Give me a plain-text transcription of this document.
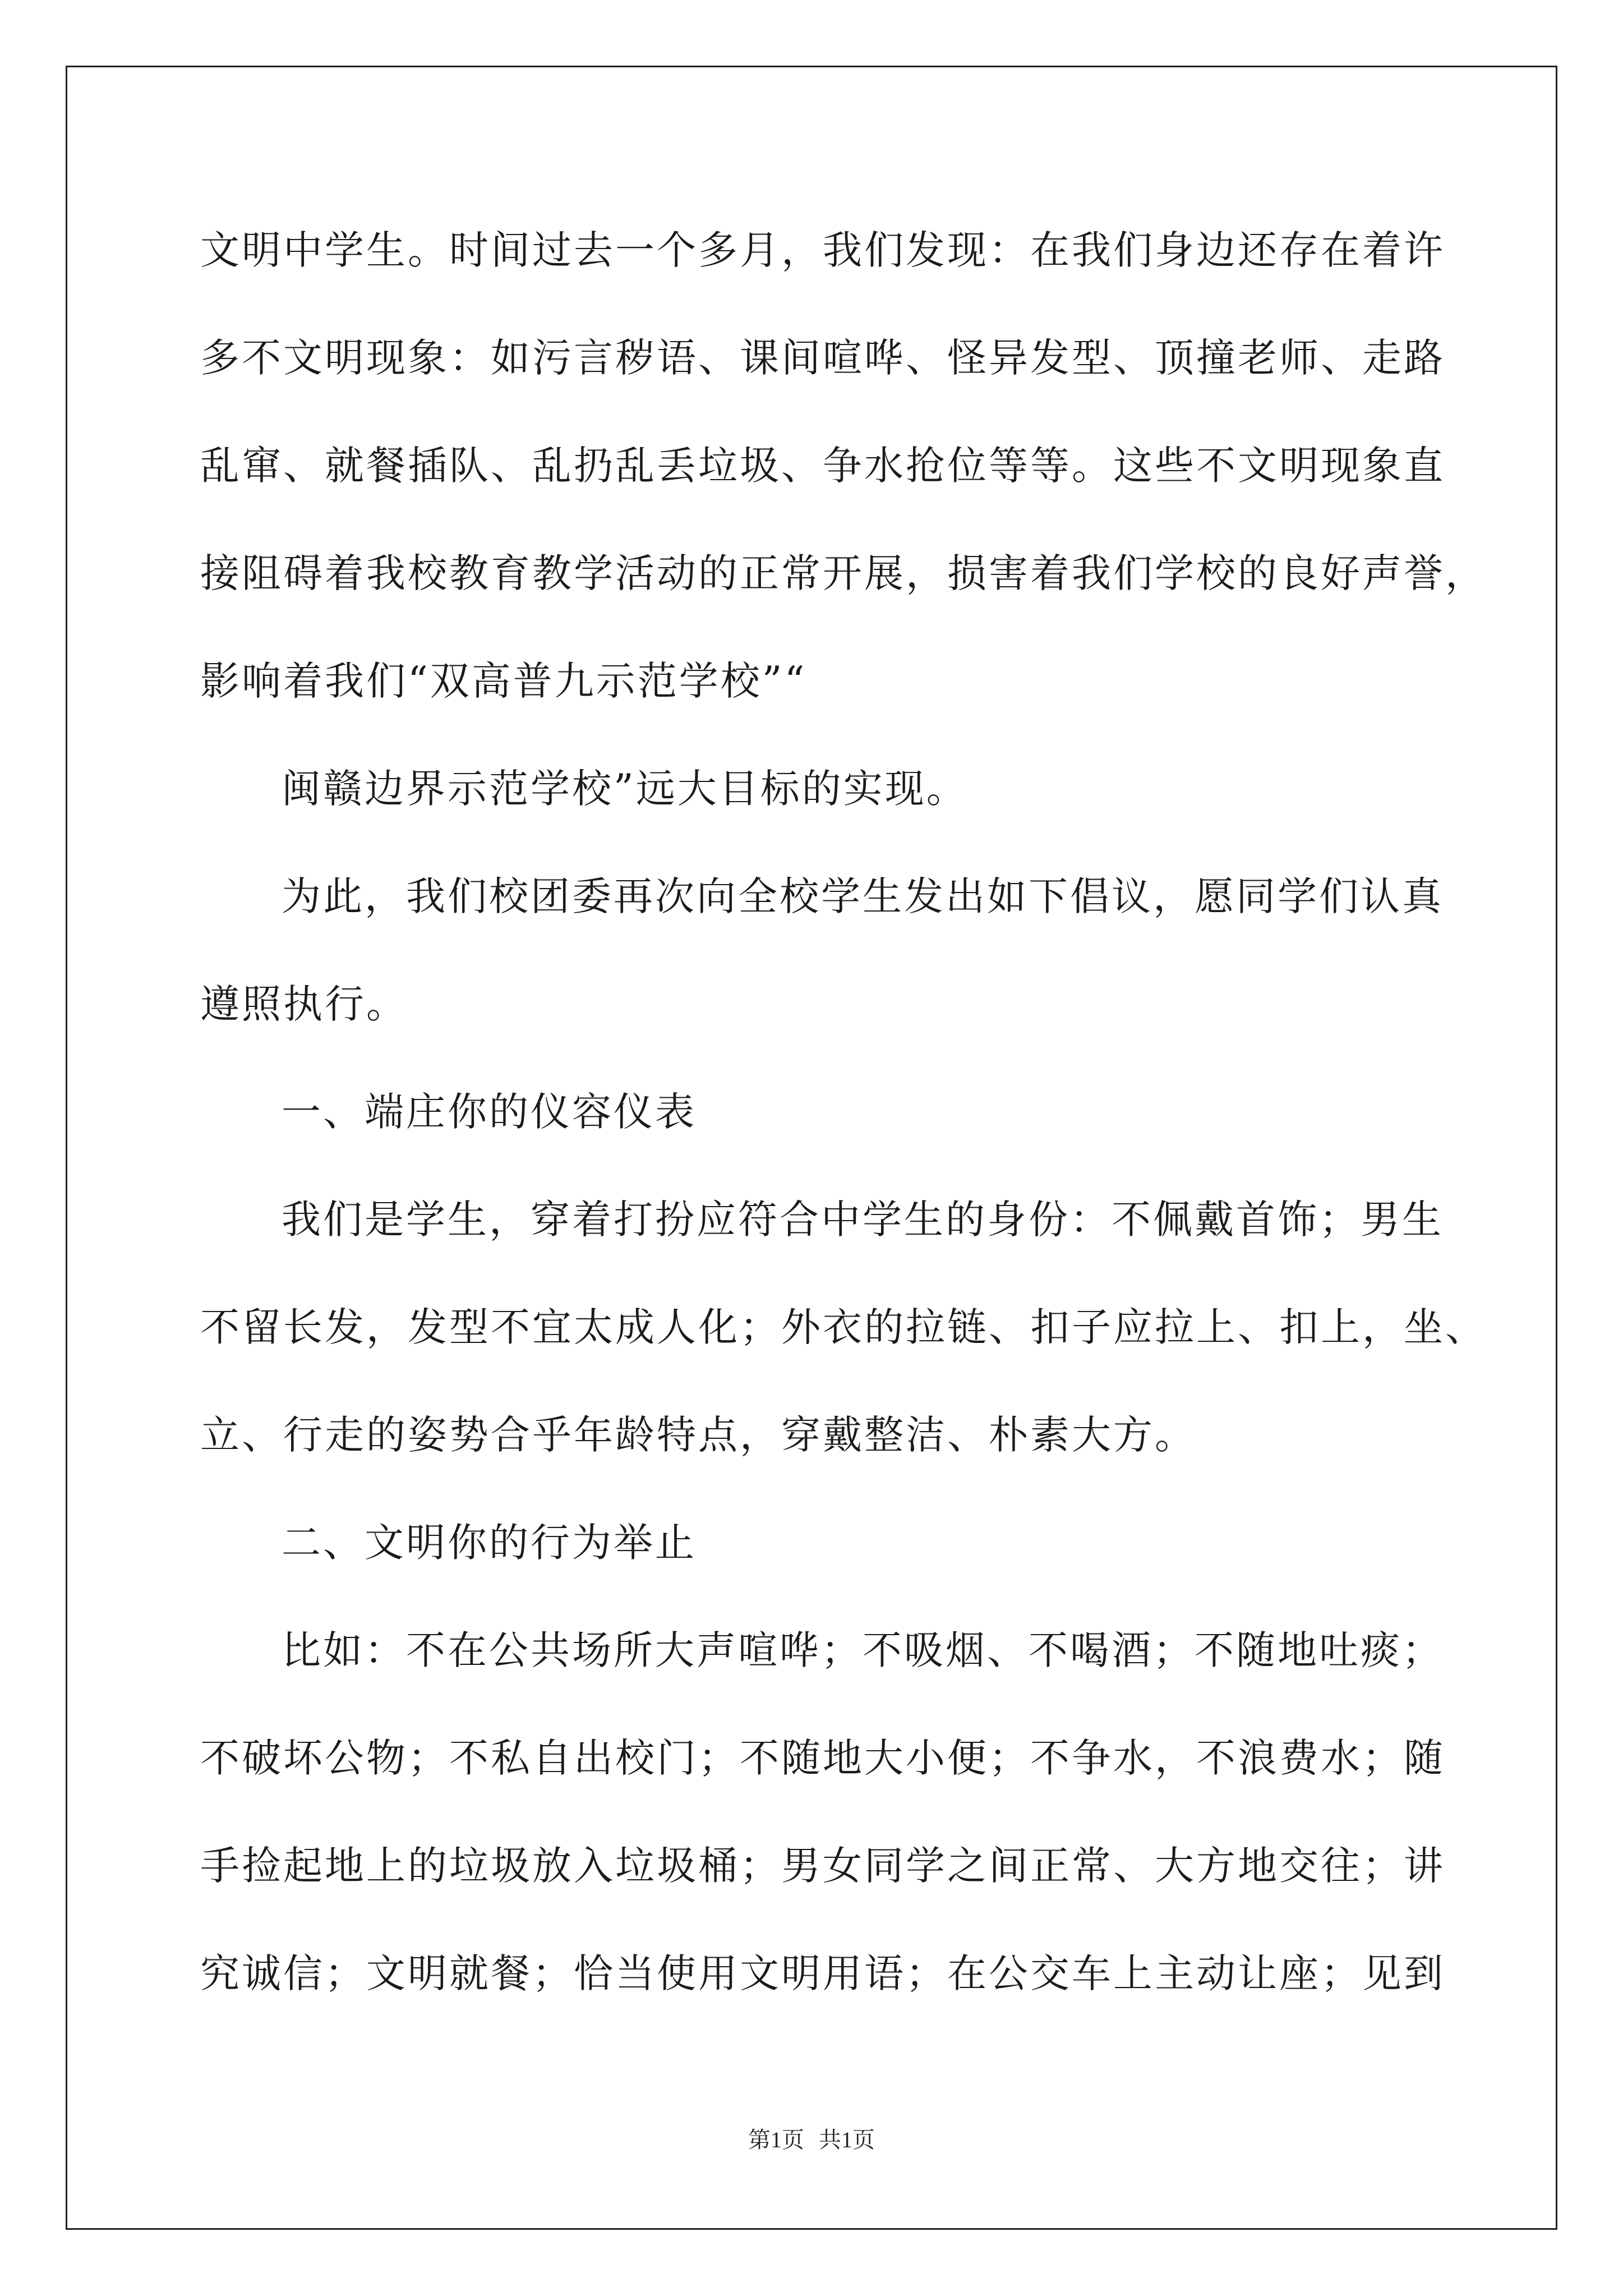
文明中学生。时间过去一个多月，我们发现：在我们身边还存在着许

多不文明现象：如污言秽语、课间喧哗、怪异发型、顶撞老师、走路

乱窜、就餐插队、乱扔乱丢垃圾、争水抢位等等。这些不文明现象直

接阻碍着我校教育教学活动的正常开展，损害着我们学校的良好声誉，

影响着我们“双高普九示范学校”“

闽赣边界示范学校”远大目标的实现。

为此，我们校团委再次向全校学生发出如下倡议，愿同学们认真

遵照执行。

一、端庄你的仪容仪表

我们是学生，穿着打扮应符合中学生的身份：不佩戴首饰；男生

不留长发，发型不宜太成人化；外衣的拉链、扣子应拉上、扣上，坐、

立、行走的姿势合乎年龄特点，穿戴整洁、朴素大方。

二、文明你的行为举止

比如：不在公共场所大声喧哗；不吸烟、不喝酒；不随地吐痰；

不破坏公物；不私自出校门；不随地大小便；不争水，不浪费水；随

手捡起地上的垃圾放入垃圾桶；男女同学之间正常、大方地交往；讲

究诚信；文明就餐；恰当使用文明用语；在公交车上主动让座；见到

第1页 共1页
